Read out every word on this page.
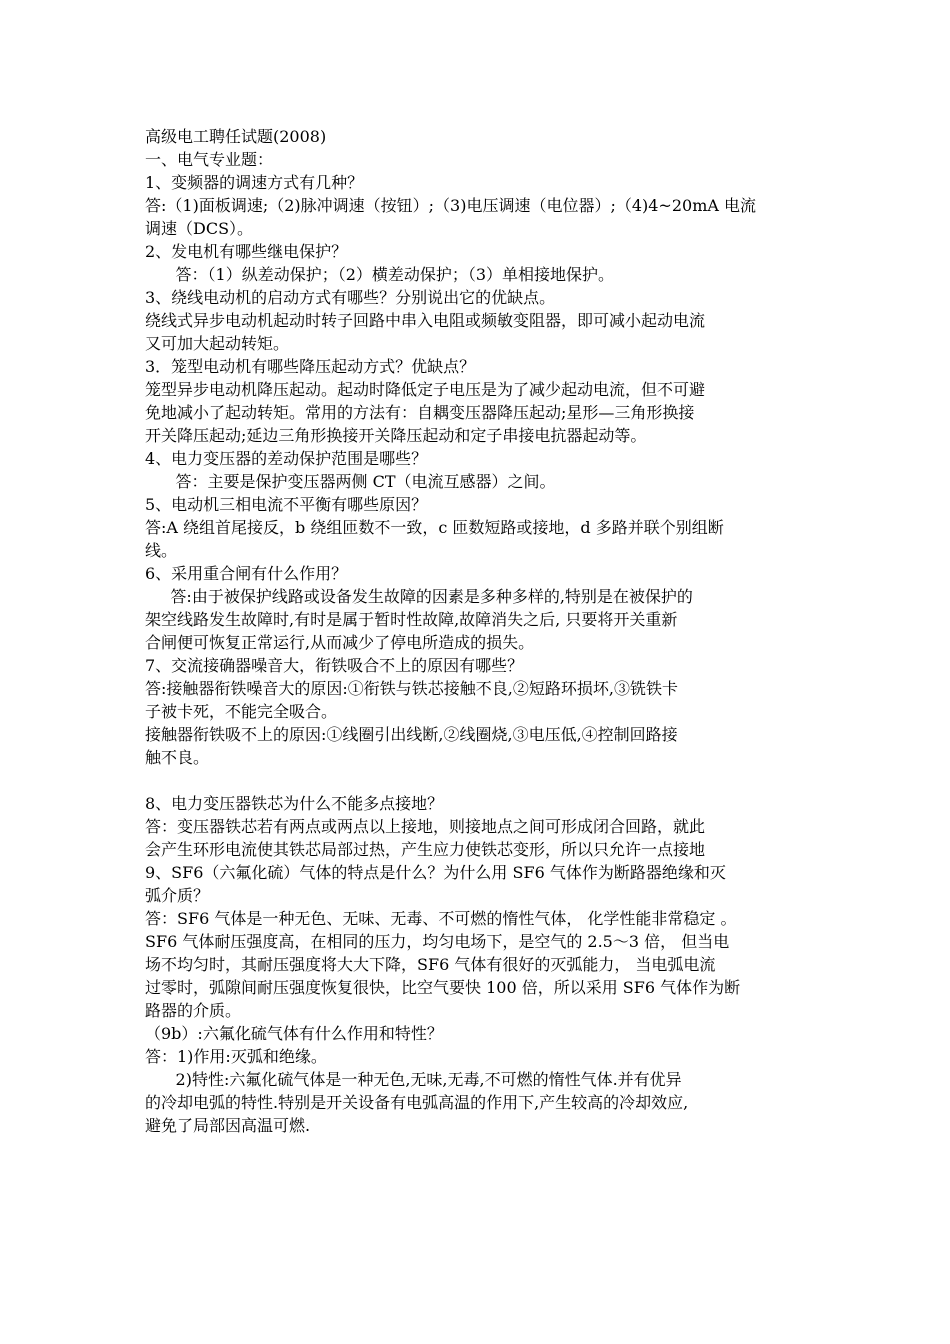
高级电工聘任试题(2008)
一、电气专业题：
1、变频器的调速方式有几种？
答:（1)面板调速;（2)脉冲调速（按钮）;（3)电压调速（电位器）;（4)4~20mA 电流
调速（DCS）。
2、发电机有哪些继电保护？
答：（1）纵差动保护；（2）横差动保护；（3）单相接地保护。
3、绕线电动机的启动方式有哪些？分别说出它的优缺点。
绕线式异步电动机起动时转子回路中串入电阻或频敏变阻器，即可减小起动电流
又可加大起动转矩。
3．笼型电动机有哪些降压起动方式？优缺点？
笼型异步电动机降压起动。起动时降低定子电压是为了减少起动电流，但不可避
免地减小了起动转矩。常用的方法有：自耦变压器降压起动;星形—三角形换接
开关降压起动;延边三角形换接开关降压起动和定子串接电抗器起动等。
4、电力变压器的差动保护范围是哪些？
答：主要是保护变压器两侧 CT（电流互感器）之间。
5、电动机三相电流不平衡有哪些原因？
答:A 绕组首尾接反，b 绕组匝数不一致，c 匝数短路或接地，d 多路并联个别组断
线。
6、采用重合闸有什么作用？
答:由于被保护线路或设备发生故障的因素是多种多样的,特别是在被保护的
架空线路发生故障时,有时是属于暂时性故障,故障消失之后, 只要将开关重新
合闸便可恢复正常运行,从而减少了停电所造成的损失。
7、交流接确器噪音大，衔铁吸合不上的原因有哪些？
答:接触器衔铁噪音大的原因:①衔铁与铁芯接触不良,②短路环损坏,③铣铁卡
子被卡死，不能完全吸合。
接触器衔铁吸不上的原因:①线圈引出线断,②线圈烧,③电压低,④控制回路接
触不良。
8、电力变压器铁芯为什么不能多点接地？
答：变压器铁芯若有两点或两点以上接地，则接地点之间可形成闭合回路，就此
会产生环形电流使其铁芯局部过热，产生应力使铁芯变形，所以只允许一点接地
9、SF6（六氟化硫）气体的特点是什么？为什么用 SF6 气体作为断路器绝缘和灭
弧介质？
答：SF6 气体是一种无色、无味、无毒、不可燃的惰性气体， 化学性能非常稳定 。
SF6 气体耐压强度高，在相同的压力，均匀电场下，是空气的 2.5～3 倍， 但当电
场不均匀时，其耐压强度将大大下降，SF6 气体有很好的灭弧能力， 当电弧电流
过零时，弧隙间耐压强度恢复很快，比空气要快 100 倍，所以采用 SF6 气体作为断
路器的介质。
（9b）:六氟化硫气体有什么作用和特性？
答：1)作用:灭弧和绝缘。
2)特性:六氟化硫气体是一种无色,无味,无毒,不可燃的惰性气体.并有优异
的冷却电弧的特性.特别是开关设备有电弧高温的作用下,产生较高的冷却效应,
避免了局部因高温可燃.
